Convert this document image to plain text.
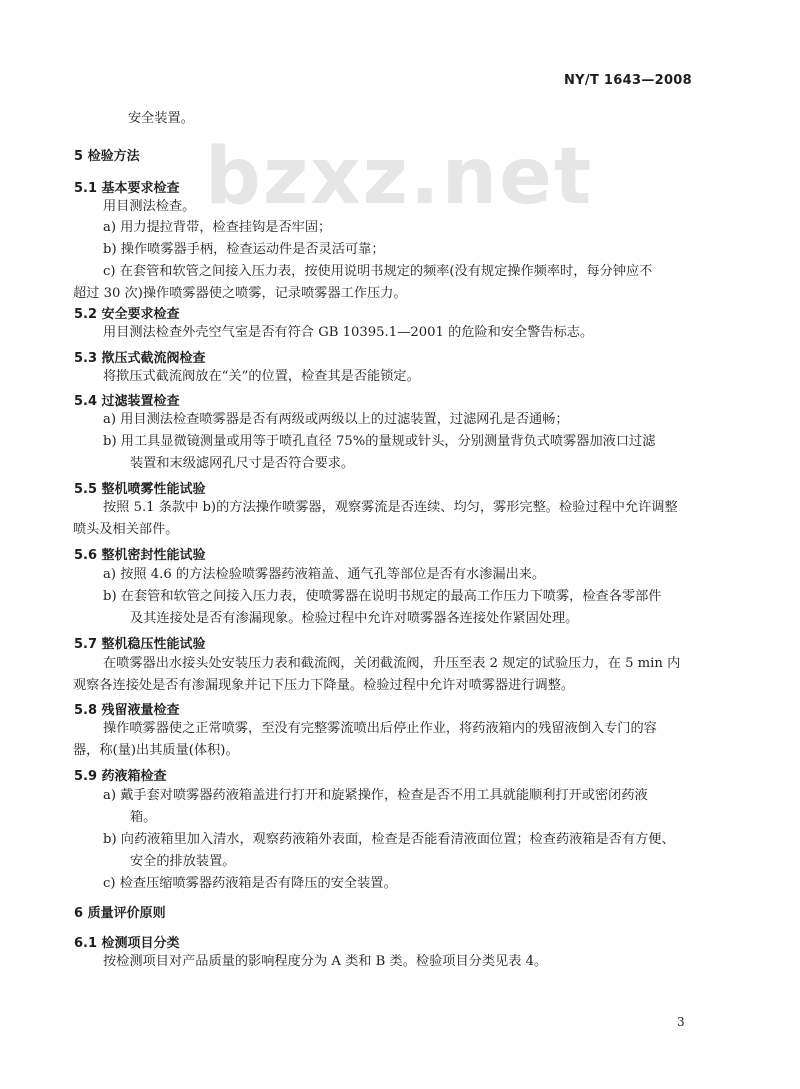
bzxz.net
NY/T 1643—2008
安全装置。
5 检验方法
5.1 基本要求检查
用目测法检查。
a) 用力提拉背带，检查挂钩是否牢固；
b) 操作喷雾器手柄，检查运动件是否灵活可靠；
c) 在套管和软管之间接入压力表，按使用说明书规定的频率(没有规定操作频率时，每分钟应不
超过 30 次)操作喷雾器使之喷雾，记录喷雾器工作压力。
5.2 安全要求检查
用目测法检查外壳空气室是否有符合 GB 10395.1—2001 的危险和安全警告标志。
5.3 揿压式截流阀检查
将揿压式截流阀放在“关”的位置，检查其是否能锁定。
5.4 过滤装置检查
a) 用目测法检查喷雾器是否有两级或两级以上的过滤装置，过滤网孔是否通畅；
b) 用工具显微镜测量或用等于喷孔直径 75%的量规或针头，分别测量背负式喷雾器加液口过滤
装置和末级滤网孔尺寸是否符合要求。
5.5 整机喷雾性能试验
按照 5.1 条款中 b)的方法操作喷雾器，观察雾流是否连续、均匀，雾形完整。检验过程中允许调整
喷头及相关部件。
5.6 整机密封性能试验
a) 按照 4.6 的方法检验喷雾器药液箱盖、通气孔等部位是否有水渗漏出来。
b) 在套管和软管之间接入压力表，使喷雾器在说明书规定的最高工作压力下喷雾，检查各零部件
及其连接处是否有渗漏现象。检验过程中允许对喷雾器各连接处作紧固处理。
5.7 整机稳压性能试验
在喷雾器出水接头处安装压力表和截流阀，关闭截流阀，升压至表 2 规定的试验压力，在 5 min 内
观察各连接处是否有渗漏现象并记下压力下降量。检验过程中允许对喷雾器进行调整。
5.8 残留液量检查
操作喷雾器使之正常喷雾，至没有完整雾流喷出后停止作业，将药液箱内的残留液倒入专门的容
器，称(量)出其质量(体积)。
5.9 药液箱检查
a) 戴手套对喷雾器药液箱盖进行打开和旋紧操作，检查是否不用工具就能顺利打开或密闭药液
箱。
b) 向药液箱里加入清水，观察药液箱外表面，检查是否能看清液面位置；检查药液箱是否有方便、
安全的排放装置。
c) 检查压缩喷雾器药液箱是否有降压的安全装置。
6 质量评价原则
6.1 检测项目分类
按检测项目对产品质量的影响程度分为 A 类和 B 类。检验项目分类见表 4。
3
